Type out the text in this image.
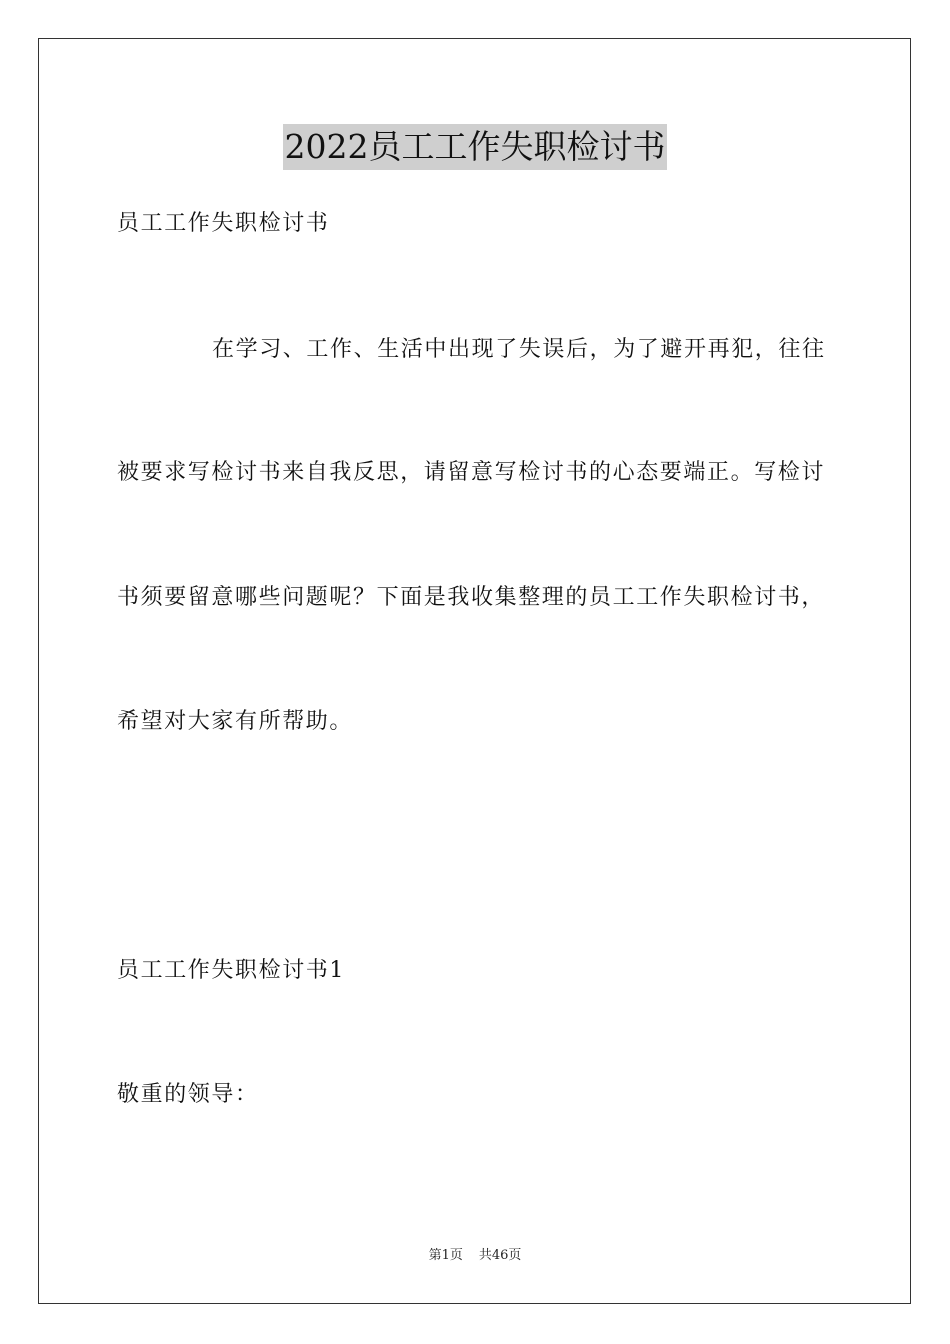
2022员工工作失职检讨书
员工工作失职检讨书
在学习、工作、生活中出现了失误后，为了避开再犯，往往
被要求写检讨书来自我反思，请留意写检讨书的心态要端正。写检讨
书须要留意哪些问题呢？下面是我收集整理的员工工作失职检讨书，
希望对大家有所帮助。
员工工作失职检讨书1
敬重的领导：
第1页 共46页
